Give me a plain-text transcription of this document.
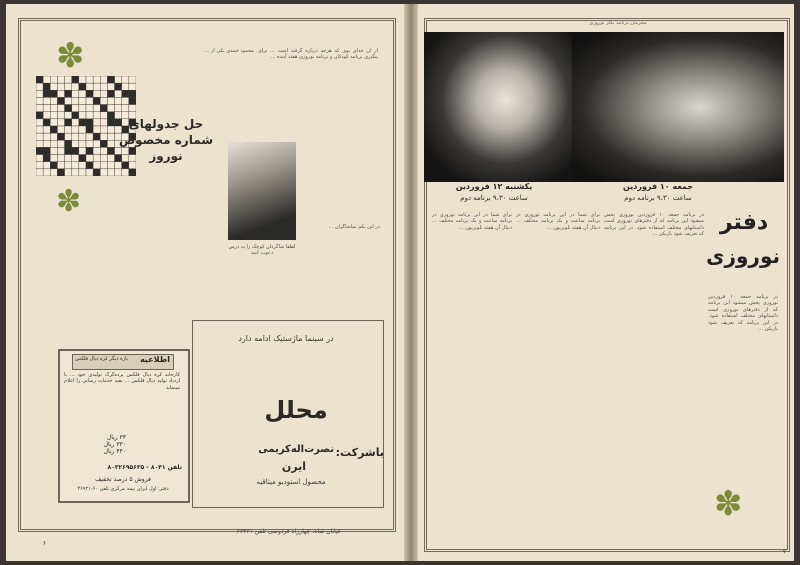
✽
✽
حل جدولهای شماره مخصوص نوروز
از آن خدای بوی که هرچه درباره گرفته است ... برای پیگیری برنامه کودکان و برنامه نوروزی هفته آینده ...
محمود حمدی یکی از ...
در این یکم تماشاگران ...
لطفاً شاگردان کوچک را به درس دعوت کنید
در سینما ماژستیک ادامه دارد
محلل
باشرکت:
نصرت‌اله‌کریمی
ایرن
محصول استودیو میثاقیه
خیابان شاه، چهارراه فردوسی تلفن ۶۶۳۶۱
اطلاعیه
باره دیگر کره دیال فلکس
کارخانه کره دیال فلکس پرده‌گرگ تولیدی خود ... با ازدیاد تولید دیال فلکس ... بقیه خدمات رسانی را اعلام مینماید
۳۳ ریال
۳۳۰ ریال
۴۴۰ ریال
تلفن ۸۰۴۱ - ۸۰۳۲۶۹۵۶۳۵
فروش ۵ درصد تخفیف
دفتر: اول ایران بیمه مرکزی تلفن ۶۰-۴۶۹۲۱
۶
مجرمان برنامه بکلر نوروزی
یکشنبه ۱۲ فروردین
ساعت ۹،۳۰ برنامه دوم
جمعه ۱۰ فروردین
ساعت ۹،۳۰ برنامه دوم
دفتر
نوروزی
✽
در برنامه جمعه ۱۰ فروردین نوروزی پخش میشود این برنامه که از دفترهای نوروزی است داستانهای مختلف استفاده شود. در این برنامه که تعریف شود بازیکن ...
برای شما در این برنامه نوروزی در برنامه ساعت و یک برنامه مختلف ... دنبال آن هفته تلویزیون ...
برای شما در این برنامه نوروزی در برنامه ساعت و یک برنامه مختلف ... دنبال آن هفته تلویزیون ...
در برنامه جمعه ۱۰ فروردین نوروزی پخش میشود این برنامه که از دفترهای نوروزی است داستانهای مختلف استفاده شود. در این برنامه که تعریف شود بازیکن ...
۷
